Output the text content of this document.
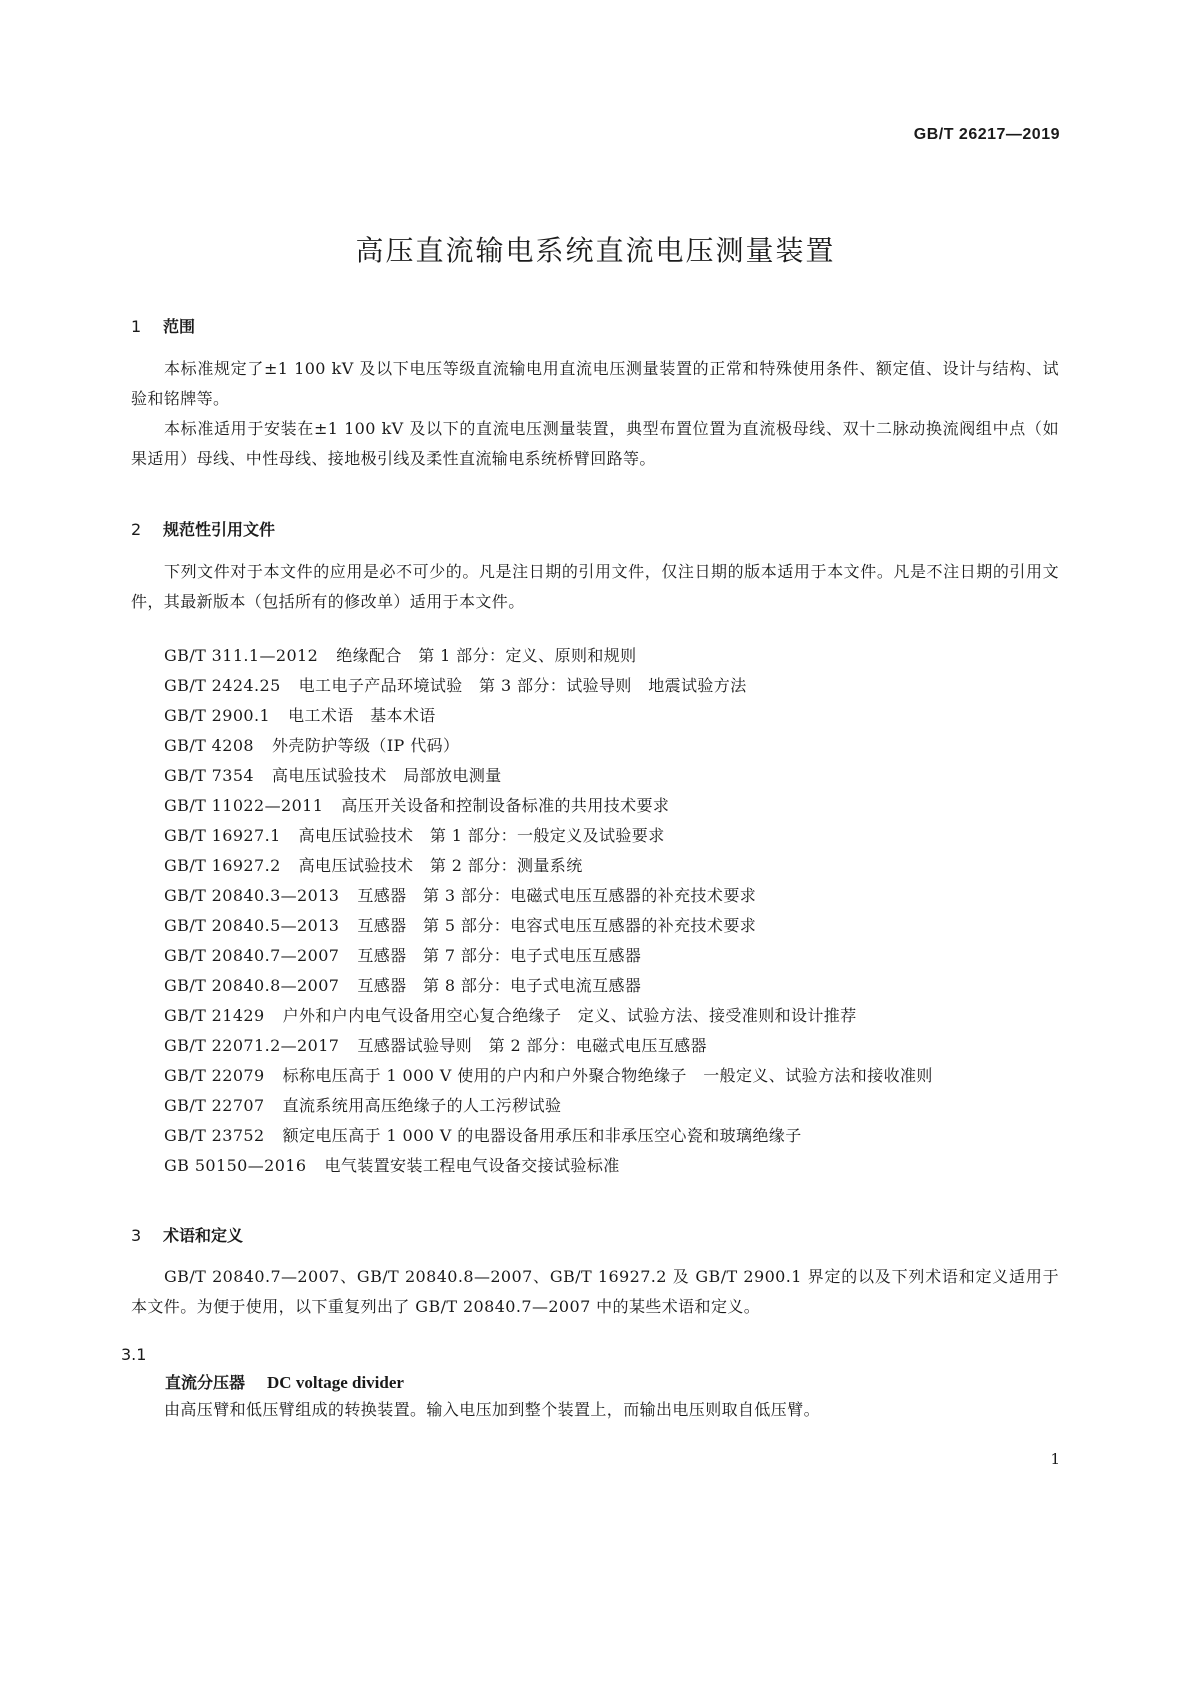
GB/T 26217—2019
高压直流输电系统直流电压测量装置
1 范围

本标准规定了±1 100 kV 及以下电压等级直流输电用直流电压测量装置的正常和特殊使用条件、额定值、设计与结构、试验和铭牌等。

本标准适用于安装在±1 100 kV 及以下的直流电压测量装置，典型布置位置为直流极母线、双十二脉动换流阀组中点（如果适用）母线、中性母线、接地极引线及柔性直流输电系统桥臂回路等。

2 规范性引用文件

下列文件对于本文件的应用是必不可少的。凡是注日期的引用文件，仅注日期的版本适用于本文件。凡是不注日期的引用文件，其最新版本（包括所有的修改单）适用于本文件。

GB/T 311.1—2012 绝缘配合　第 1 部分：定义、原则和规则
GB/T 2424.25 电工电子产品环境试验　第 3 部分：试验导则　地震试验方法
GB/T 2900.1 电工术语　基本术语
GB/T 4208 外壳防护等级（IP 代码）
GB/T 7354 高电压试验技术　局部放电测量
GB/T 11022—2011 高压开关设备和控制设备标准的共用技术要求
GB/T 16927.1 高电压试验技术　第 1 部分：一般定义及试验要求
GB/T 16927.2 高电压试验技术　第 2 部分：测量系统
GB/T 20840.3—2013 互感器　第 3 部分：电磁式电压互感器的补充技术要求
GB/T 20840.5—2013 互感器　第 5 部分：电容式电压互感器的补充技术要求
GB/T 20840.7—2007 互感器　第 7 部分：电子式电压互感器
GB/T 20840.8—2007 互感器　第 8 部分：电子式电流互感器
GB/T 21429 户外和户内电气设备用空心复合绝缘子　定义、试验方法、接受准则和设计推荐
GB/T 22071.2—2017 互感器试验导则　第 2 部分：电磁式电压互感器
GB/T 22079 标称电压高于 1 000 V 使用的户内和户外聚合物绝缘子　一般定义、试验方法和接收准则
GB/T 22707 直流系统用高压绝缘子的人工污秽试验
GB/T 23752 额定电压高于 1 000 V 的电器设备用承压和非承压空心瓷和玻璃绝缘子
GB 50150—2016 电气装置安装工程电气设备交接试验标准
3 术语和定义

GB/T 20840.7—2007、GB/T 20840.8—2007、GB/T 16927.2 及 GB/T 2900.1 界定的以及下列术语和定义适用于本文件。为便于使用，以下重复列出了 GB/T 20840.7—2007 中的某些术语和定义。

3.1
直流分压器 DC voltage divider

由高压臂和低压臂组成的转换装置。输入电压加到整个装置上，而输出电压则取自低压臂。

1
